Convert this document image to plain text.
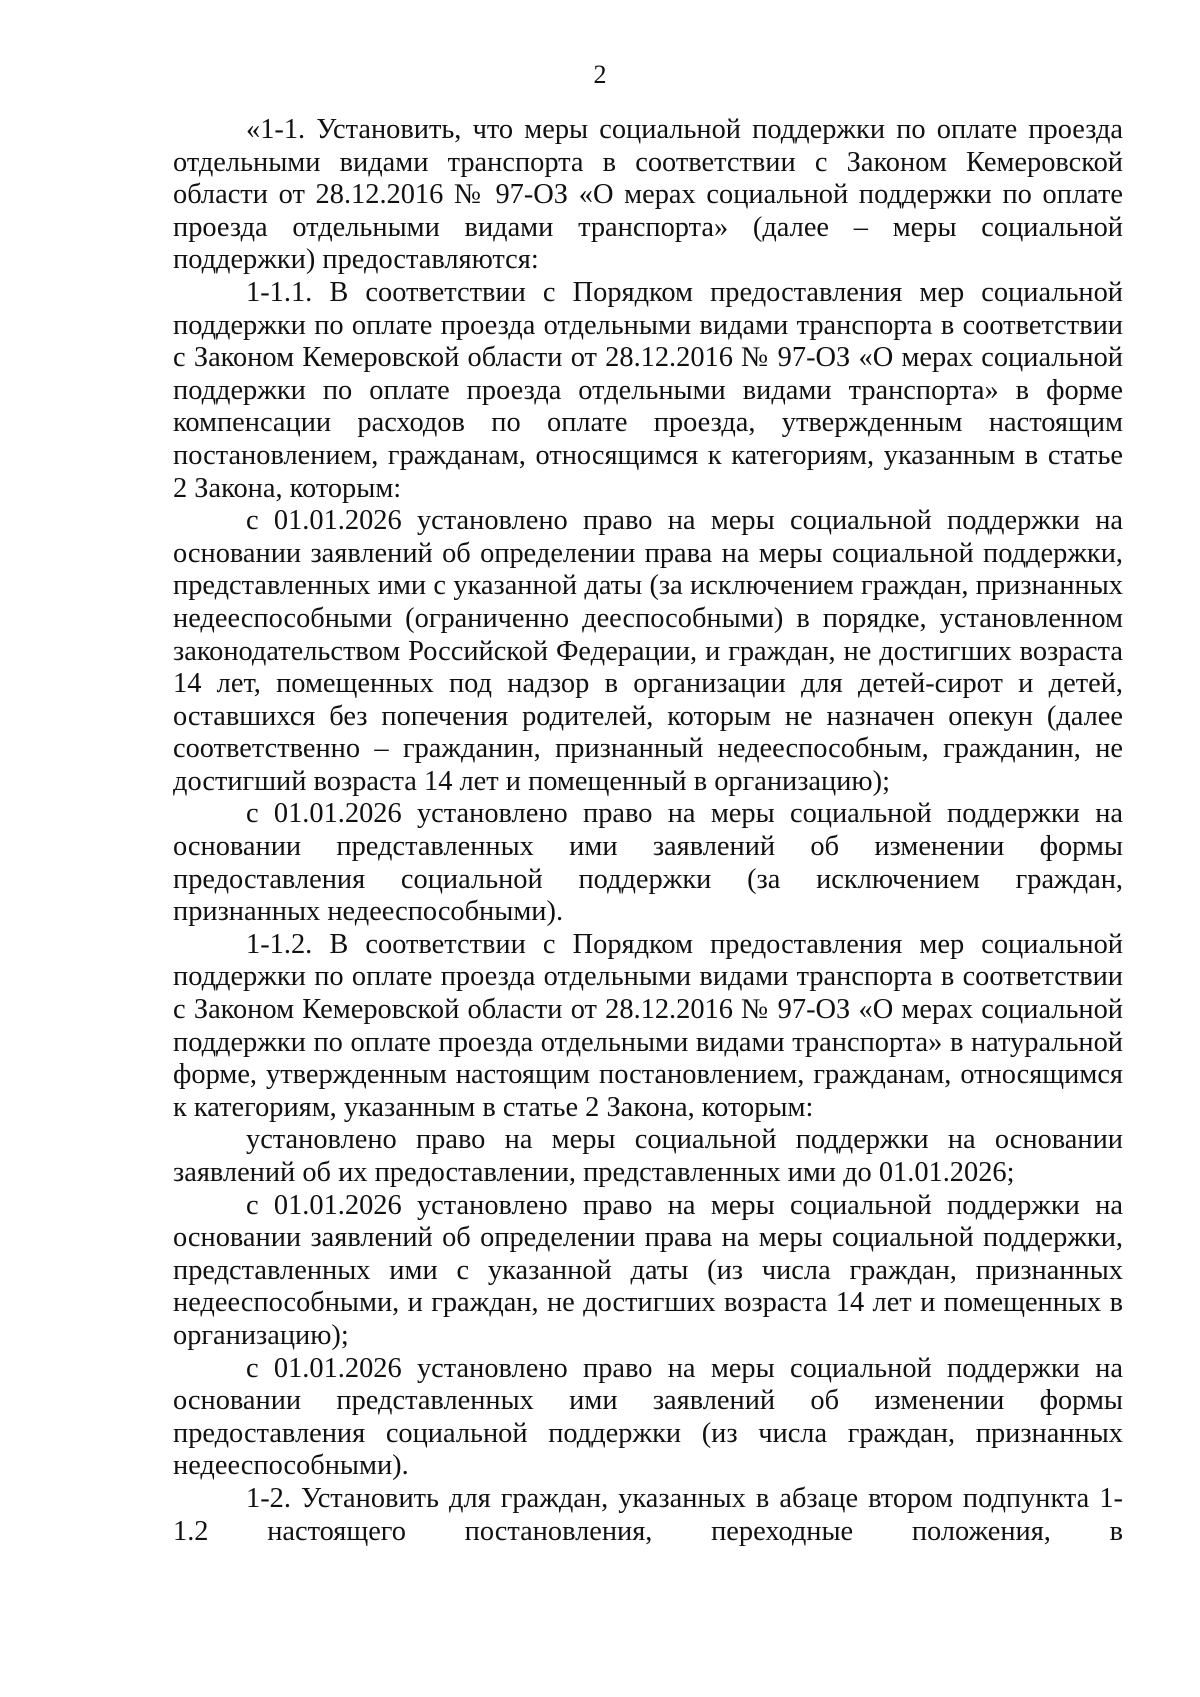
2

«1-1. Установить, что меры социальной поддержки по оплате проезда отдельными видами транспорта в соответствии с Законом Кемеровской области от 28.12.2016 № 97-ОЗ «О мерах социальной поддержки по оплате проезда отдельными видами транспорта» (далее – меры социальной поддержки) предоставляются:

1-1.1. В соответствии с Порядком предоставления мер социальной поддержки по оплате проезда отдельными видами транспорта в соответствии с Законом Кемеровской области от 28.12.2016 № 97-ОЗ «О мерах социальной поддержки по оплате проезда отдельными видами транспорта» в форме компенсации расходов по оплате проезда, утвержденным настоящим постановлением, гражданам, относящимся к категориям, указанным в статье 2 Закона, которым:

с 01.01.2026 установлено право на меры социальной поддержки на основании заявлений об определении права на меры социальной поддержки, представленных ими с указанной даты (за исключением граждан, признанных недееспособными (ограниченно дееспособными) в порядке, установленном законодательством Российской Федерации, и граждан, не достигших возраста 14 лет, помещенных под надзор в организации для детей-сирот и детей, оставшихся без попечения родителей, которым не назначен опекун (далее соответственно – гражданин, признанный недееспособным, гражданин, не достигший возраста 14 лет и помещенный в организацию);

с 01.01.2026 установлено право на меры социальной поддержки на основании представленных ими заявлений об изменении формы предоставления социальной поддержки (за исключением граждан, признанных недееспособными).

1-1.2. В соответствии с Порядком предоставления мер социальной поддержки по оплате проезда отдельными видами транспорта в соответствии с Законом Кемеровской области от 28.12.2016 № 97-ОЗ «О мерах социальной поддержки по оплате проезда отдельными видами транспорта» в натуральной форме, утвержденным настоящим постановлением, гражданам, относящимся к категориям, указанным в статье 2 Закона, которым:

установлено право на меры социальной поддержки на основании заявлений об их предоставлении, представленных ими до 01.01.2026;

с 01.01.2026 установлено право на меры социальной поддержки на основании заявлений об определении права на меры социальной поддержки, представленных ими с указанной даты (из числа граждан, признанных недееспособными, и граждан, не достигших возраста 14 лет и помещенных в организацию);

с 01.01.2026 установлено право на меры социальной поддержки на основании представленных ими заявлений об изменении формы предоставления социальной поддержки (из числа граждан, признанных недееспособными).

1-2. Установить для граждан, указанных в абзаце втором подпункта 1-1.2 настоящего постановления, переходные положения, в
